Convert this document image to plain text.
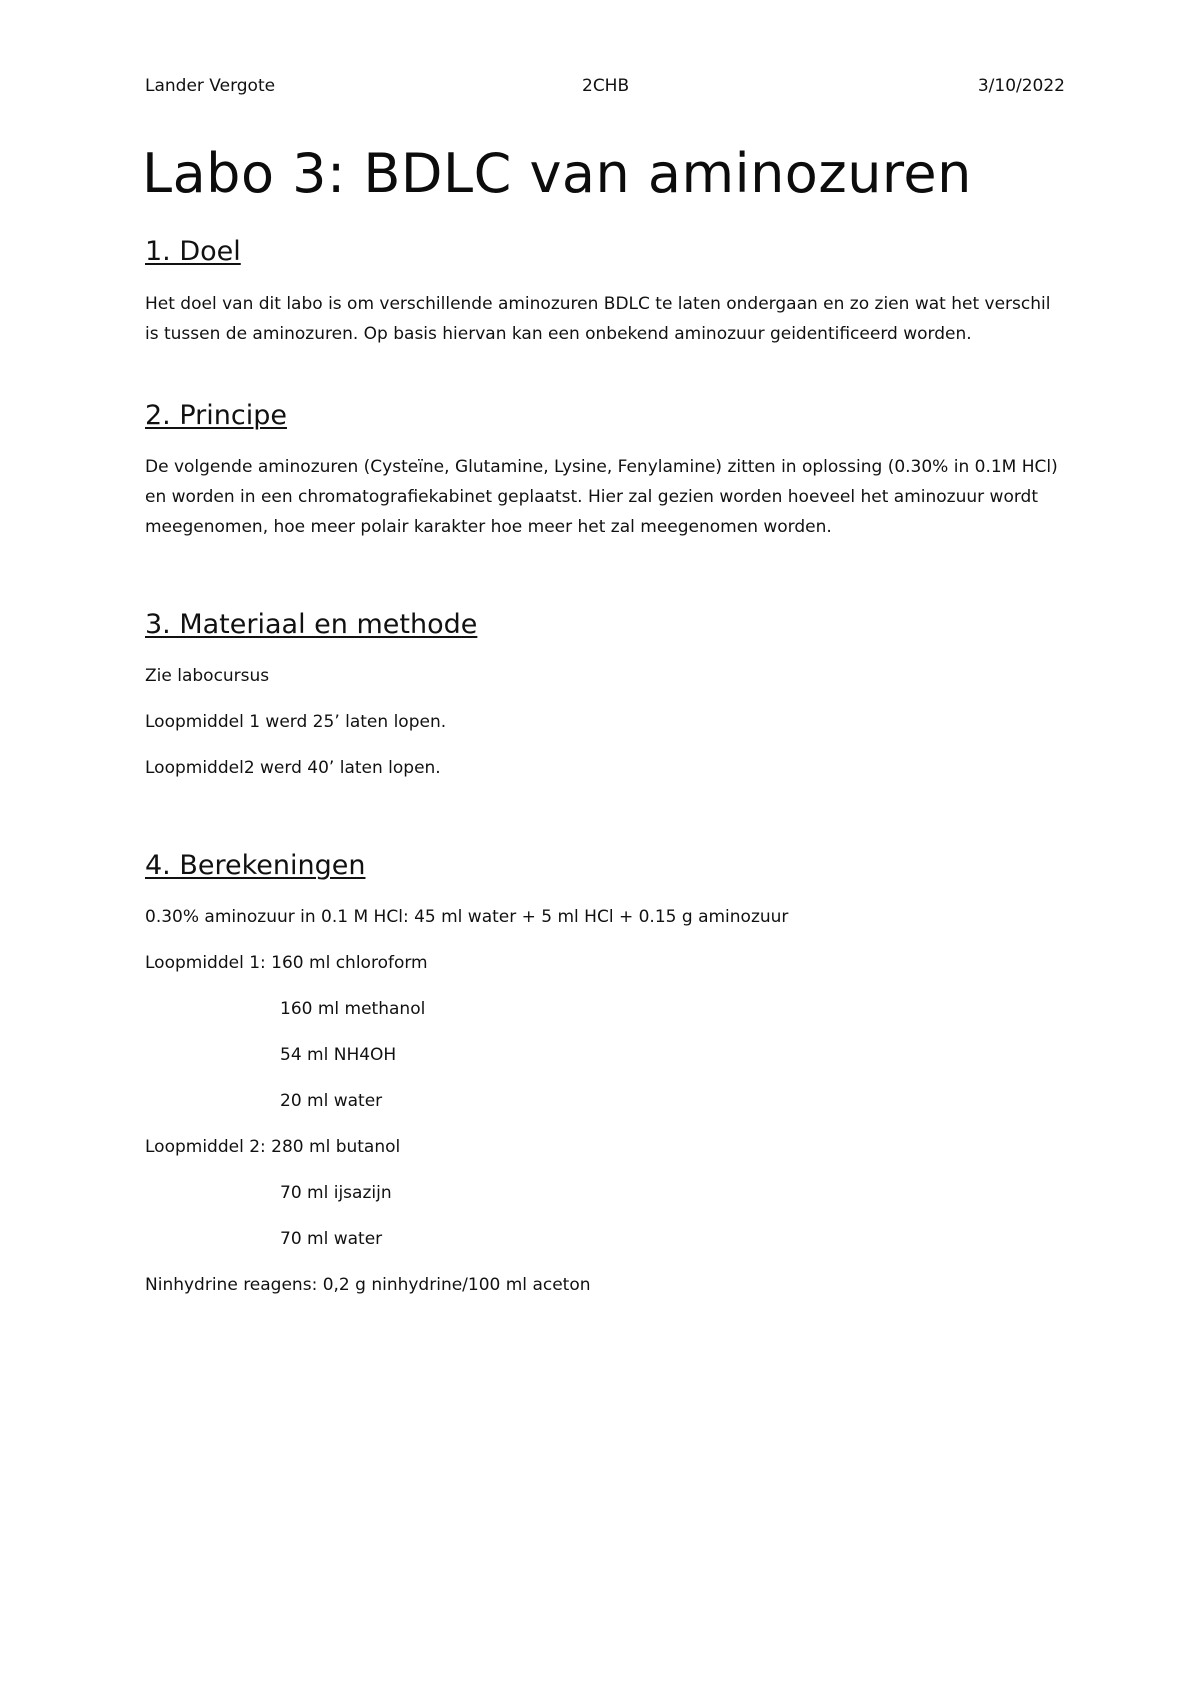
Lander Vergote	2CHB	3/10/2022
Labo 3: BDLC van aminozuren
1. Doel

Het doel van dit labo is om verschillende aminozuren BDLC te laten ondergaan en zo zien wat het verschil is tussen de aminozuren. Op basis hiervan kan een onbekend aminozuur geidentificeerd worden.

2. Principe

De volgende aminozuren (Cysteïne, Glutamine, Lysine, Fenylamine) zitten in oplossing (0.30% in 0.1M HCl) en worden in een chromatografiekabinet geplaatst. Hier zal gezien worden hoeveel het aminozuur wordt meegenomen, hoe meer polair karakter hoe meer het zal meegenomen worden.

3. Materiaal en methode

Zie labocursus

Loopmiddel 1 werd 25’ laten lopen.

Loopmiddel2 werd 40’ laten lopen.

4. Berekeningen

0.30% aminozuur in 0.1 M HCl: 45 ml water + 5 ml HCl + 0.15 g aminozuur

Loopmiddel 1: 160 ml chloroform

160 ml methanol

54 ml NH4OH

20 ml water

Loopmiddel 2: 280 ml butanol

70 ml ijsazijn

70 ml water

Ninhydrine reagens: 0,2 g ninhydrine/100 ml aceton
